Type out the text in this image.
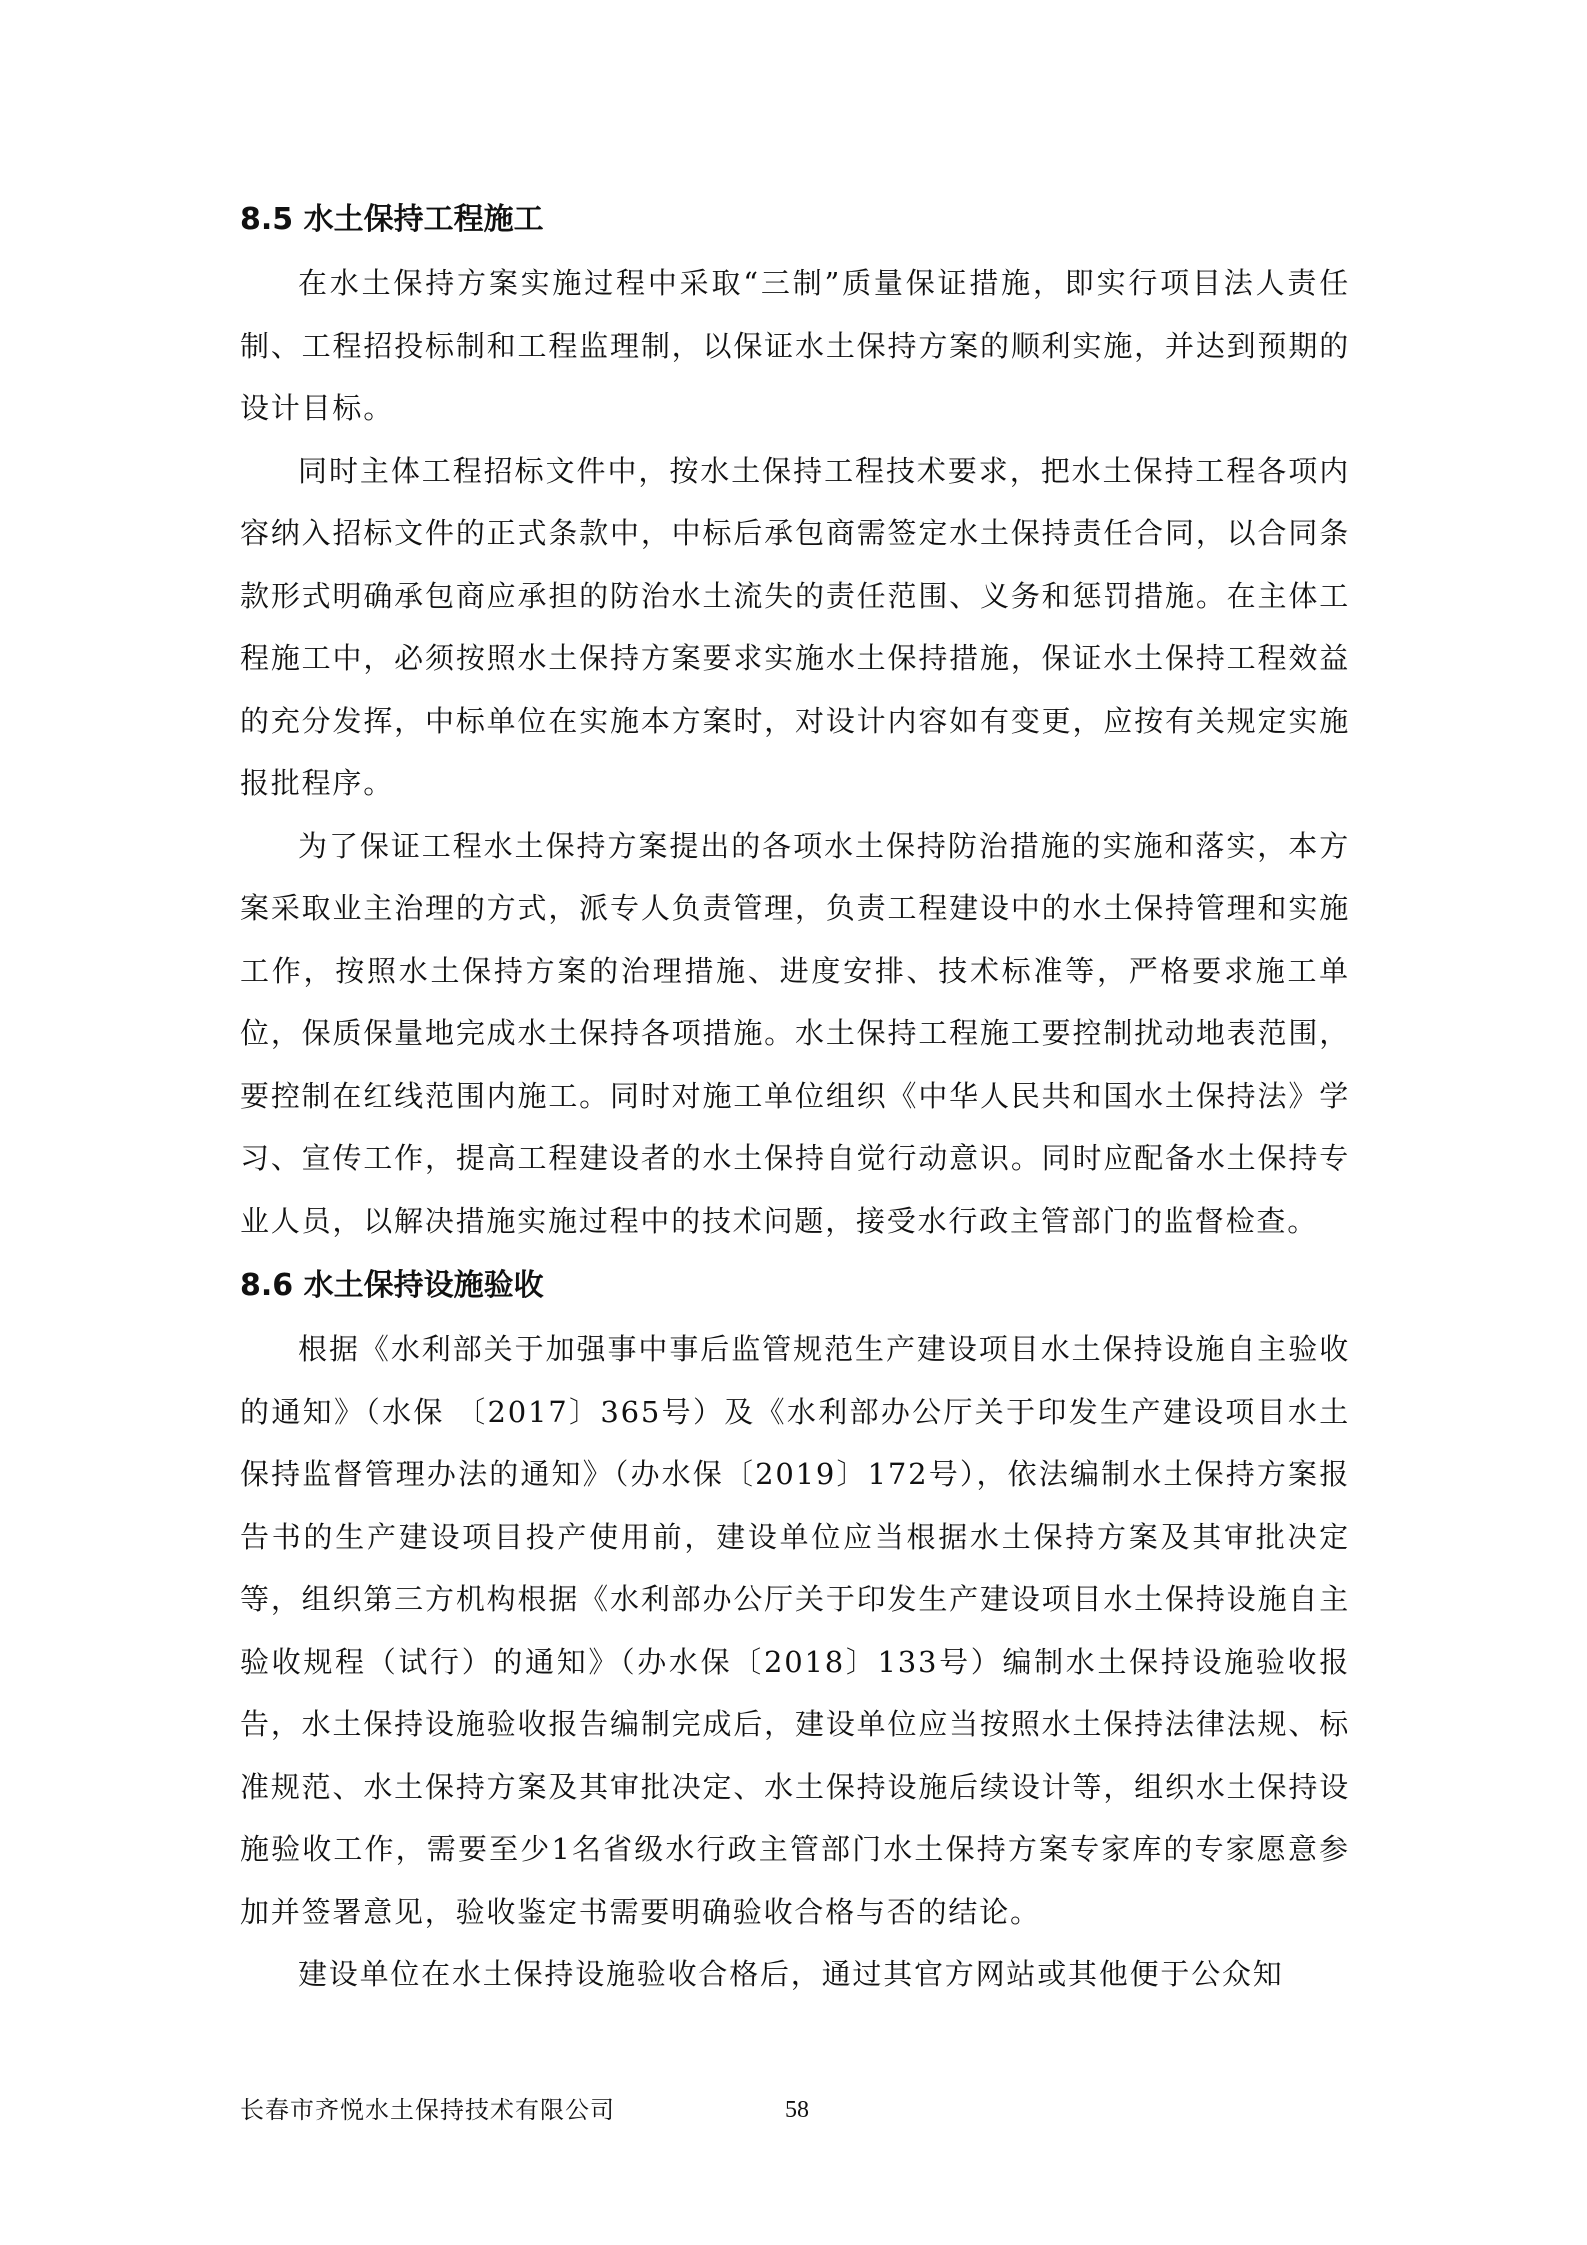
8.5 水土保持工程施工

在水土保持方案实施过程中采取“三制”质量保证措施，即实行项目法人责任制、工程招投标制和工程监理制，以保证水土保持方案的顺利实施，并达到预期的设计目标。

同时主体工程招标文件中，按水土保持工程技术要求，把水土保持工程各项内容纳入招标文件的正式条款中，中标后承包商需签定水土保持责任合同，以合同条款形式明确承包商应承担的防治水土流失的责任范围、义务和惩罚措施。在主体工程施工中，必须按照水土保持方案要求实施水土保持措施，保证水土保持工程效益的充分发挥，中标单位在实施本方案时，对设计内容如有变更，应按有关规定实施报批程序。

为了保证工程水土保持方案提出的各项水土保持防治措施的实施和落实，本方案采取业主治理的方式，派专人负责管理，负责工程建设中的水土保持管理和实施工作，按照水土保持方案的治理措施、进度安排、技术标准等，严格要求施工单位，保质保量地完成水土保持各项措施。水土保持工程施工要控制扰动地表范围，要控制在红线范围内施工。同时对施工单位组织《中华人民共和国水土保持法》学习、宣传工作，提高工程建设者的水土保持自觉行动意识。同时应配备水土保持专业人员，以解决措施实施过程中的技术问题，接受水行政主管部门的监督检查。

8.6 水土保持设施验收

根据《水利部关于加强事中事后监管规范生产建设项目水土保持设施自主验收的通知》（水保 〔2017〕365号）及《水利部办公厅关于印发生产建设项目水土保持监督管理办法的通知》（办水保〔2019〕172号），依法编制水土保持方案报告书的生产建设项目投产使用前，建设单位应当根据水土保持方案及其审批决定等，组织第三方机构根据《水利部办公厅关于印发生产建设项目水土保持设施自主验收规程（试行）的通知》（办水保〔2018〕133号）编制水土保持设施验收报告，水土保持设施验收报告编制完成后，建设单位应当按照水土保持法律法规、标准规范、水土保持方案及其审批决定、水土保持设施后续设计等，组织水土保持设施验收工作，需要至少1名省级水行政主管部门水土保持方案专家库的专家愿意参加并签署意见，验收鉴定书需要明确验收合格与否的结论。

建设单位在水土保持设施验收合格后，通过其官方网站或其他便于公众知

长春市齐悦水土保持技术有限公司	58
